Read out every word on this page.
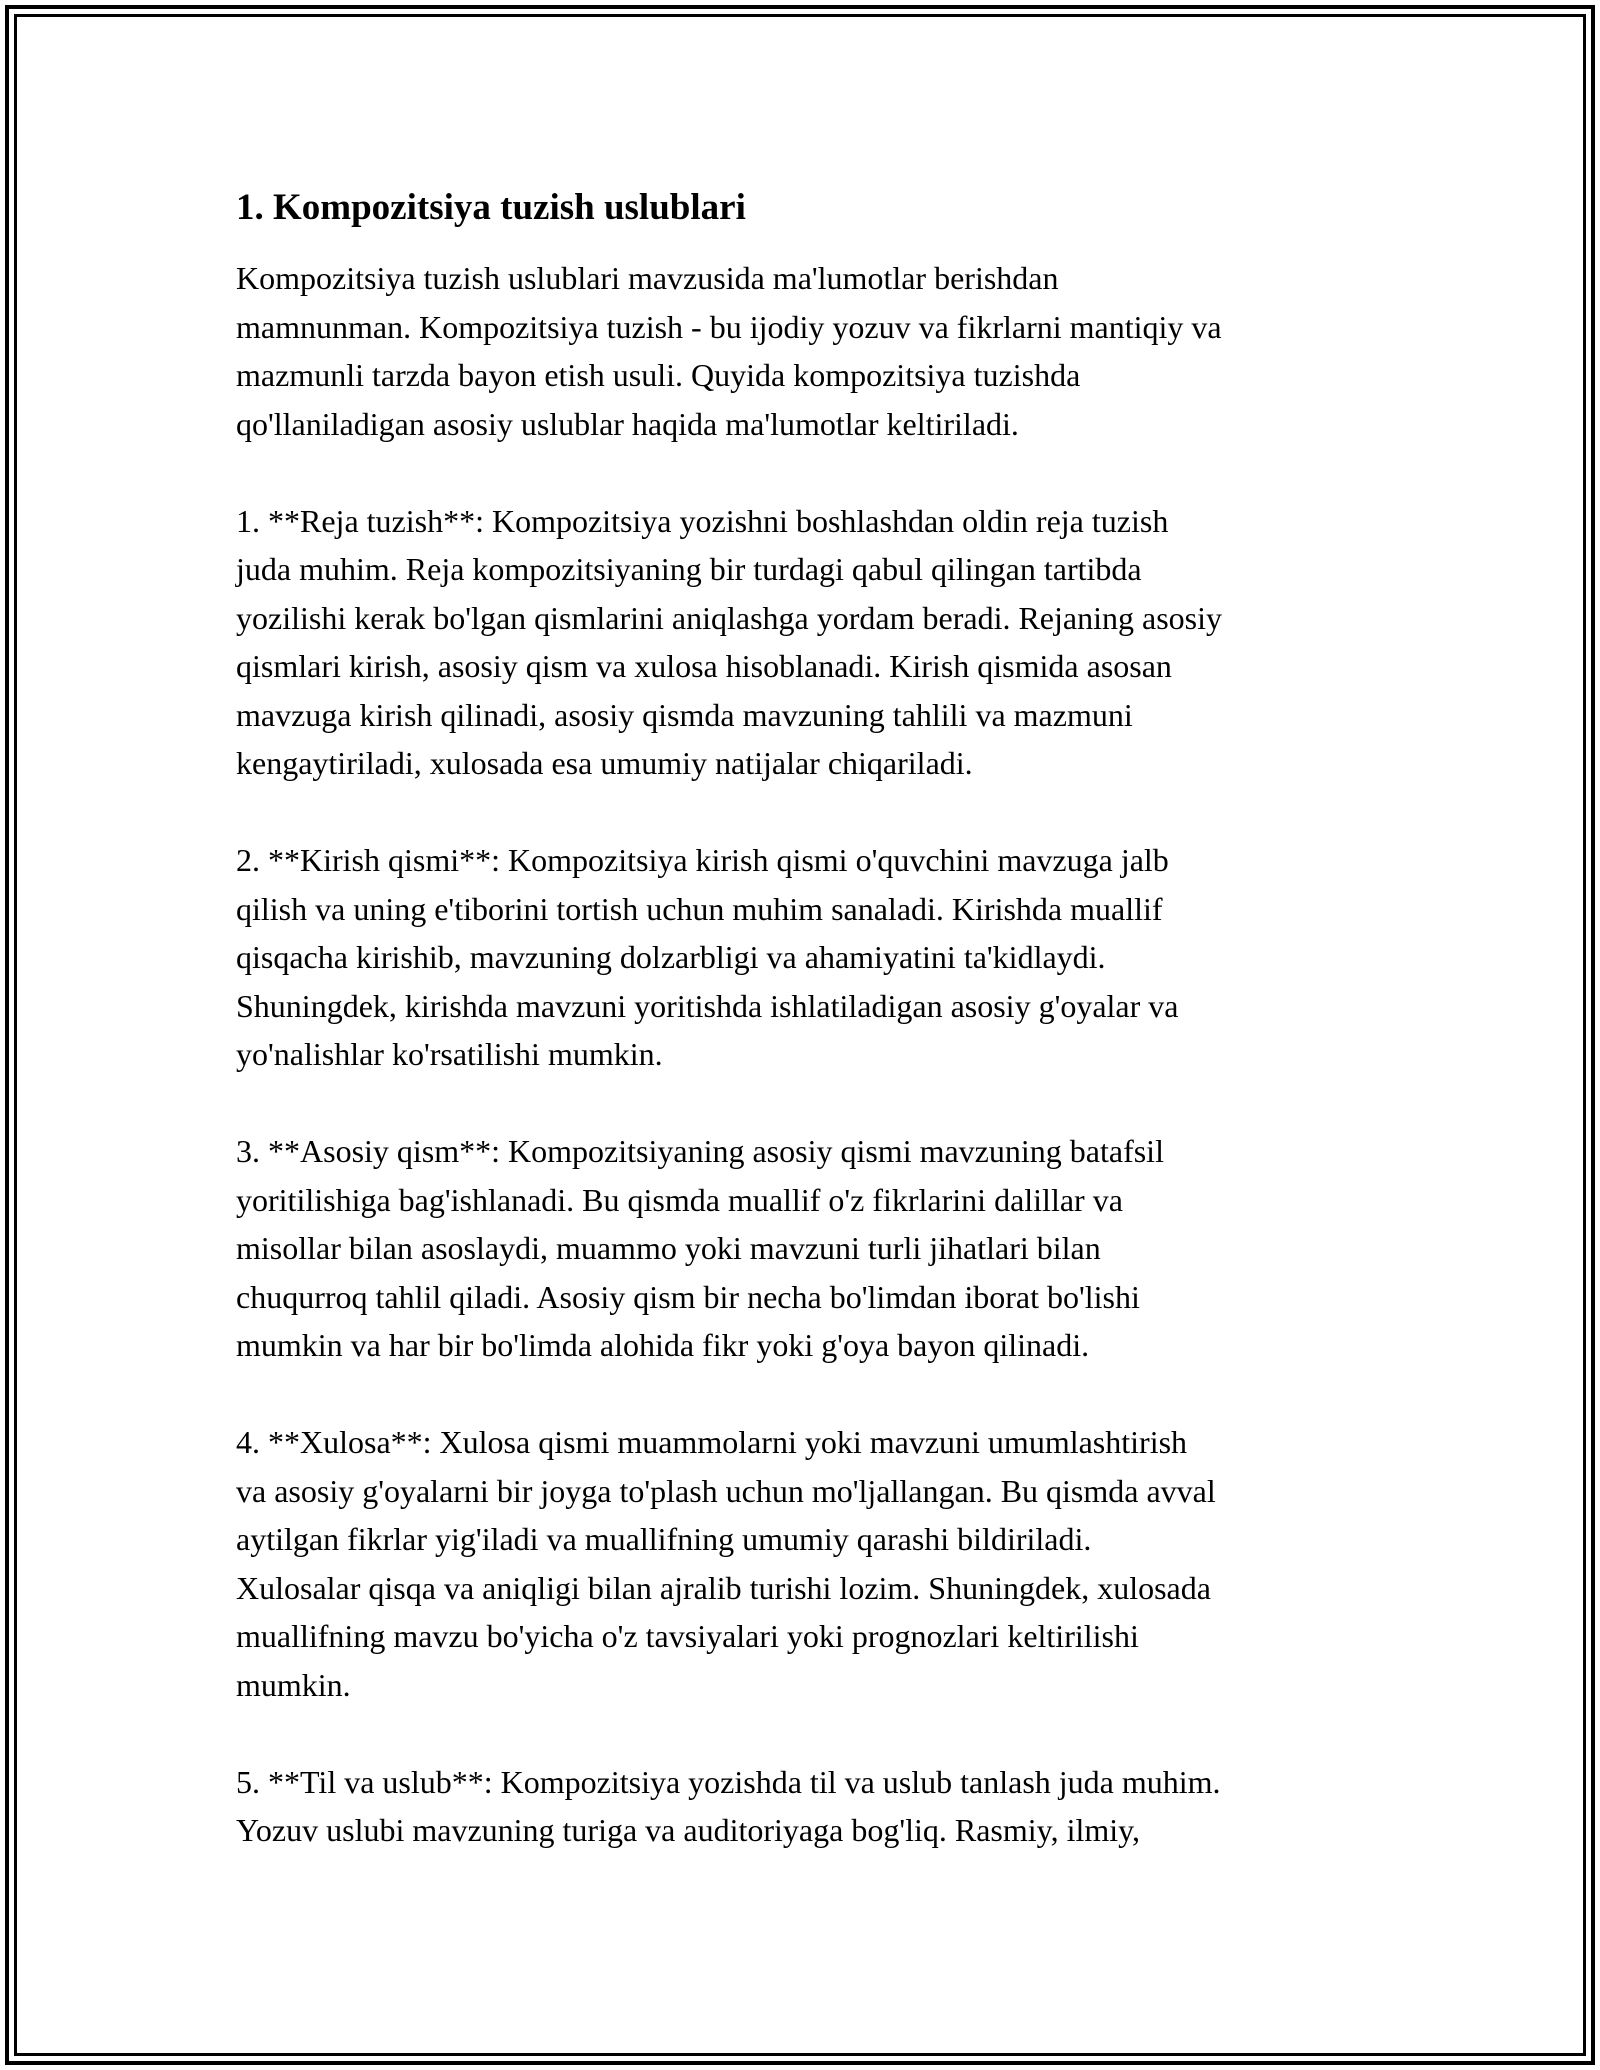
1. Kompozitsiya tuzish uslublari

Kompozitsiya tuzish uslublari mavzusida ma'lumotlar berishdan
mamnunman. Kompozitsiya tuzish - bu ijodiy yozuv va fikrlarni mantiqiy va
mazmunli tarzda bayon etish usuli. Quyida kompozitsiya tuzishda
qo'llaniladigan asosiy uslublar haqida ma'lumotlar keltiriladi.

1. **Reja tuzish**: Kompozitsiya yozishni boshlashdan oldin reja tuzish
juda muhim. Reja kompozitsiyaning bir turdagi qabul qilingan tartibda
yozilishi kerak bo'lgan qismlarini aniqlashga yordam beradi. Rejaning asosiy
qismlari kirish, asosiy qism va xulosa hisoblanadi. Kirish qismida asosan
mavzuga kirish qilinadi, asosiy qismda mavzuning tahlili va mazmuni
kengaytiriladi, xulosada esa umumiy natijalar chiqariladi.

2. **Kirish qismi**: Kompozitsiya kirish qismi o'quvchini mavzuga jalb
qilish va uning e'tiborini tortish uchun muhim sanaladi. Kirishda muallif
qisqacha kirishib, mavzuning dolzarbligi va ahamiyatini ta'kidlaydi.
Shuningdek, kirishda mavzuni yoritishda ishlatiladigan asosiy g'oyalar va
yo'nalishlar ko'rsatilishi mumkin.

3. **Asosiy qism**: Kompozitsiyaning asosiy qismi mavzuning batafsil
yoritilishiga bag'ishlanadi. Bu qismda muallif o'z fikrlarini dalillar va
misollar bilan asoslaydi, muammo yoki mavzuni turli jihatlari bilan
chuqurroq tahlil qiladi. Asosiy qism bir necha bo'limdan iborat bo'lishi
mumkin va har bir bo'limda alohida fikr yoki g'oya bayon qilinadi.

4. **Xulosa**: Xulosa qismi muammolarni yoki mavzuni umumlashtirish
va asosiy g'oyalarni bir joyga to'plash uchun mo'ljallangan. Bu qismda avval
aytilgan fikrlar yig'iladi va muallifning umumiy qarashi bildiriladi.
Xulosalar qisqa va aniqligi bilan ajralib turishi lozim. Shuningdek, xulosada
muallifning mavzu bo'yicha o'z tavsiyalari yoki prognozlari keltirilishi
mumkin.

5. **Til va uslub**: Kompozitsiya yozishda til va uslub tanlash juda muhim.
Yozuv uslubi mavzuning turiga va auditoriyaga bog'liq. Rasmiy, ilmiy,
